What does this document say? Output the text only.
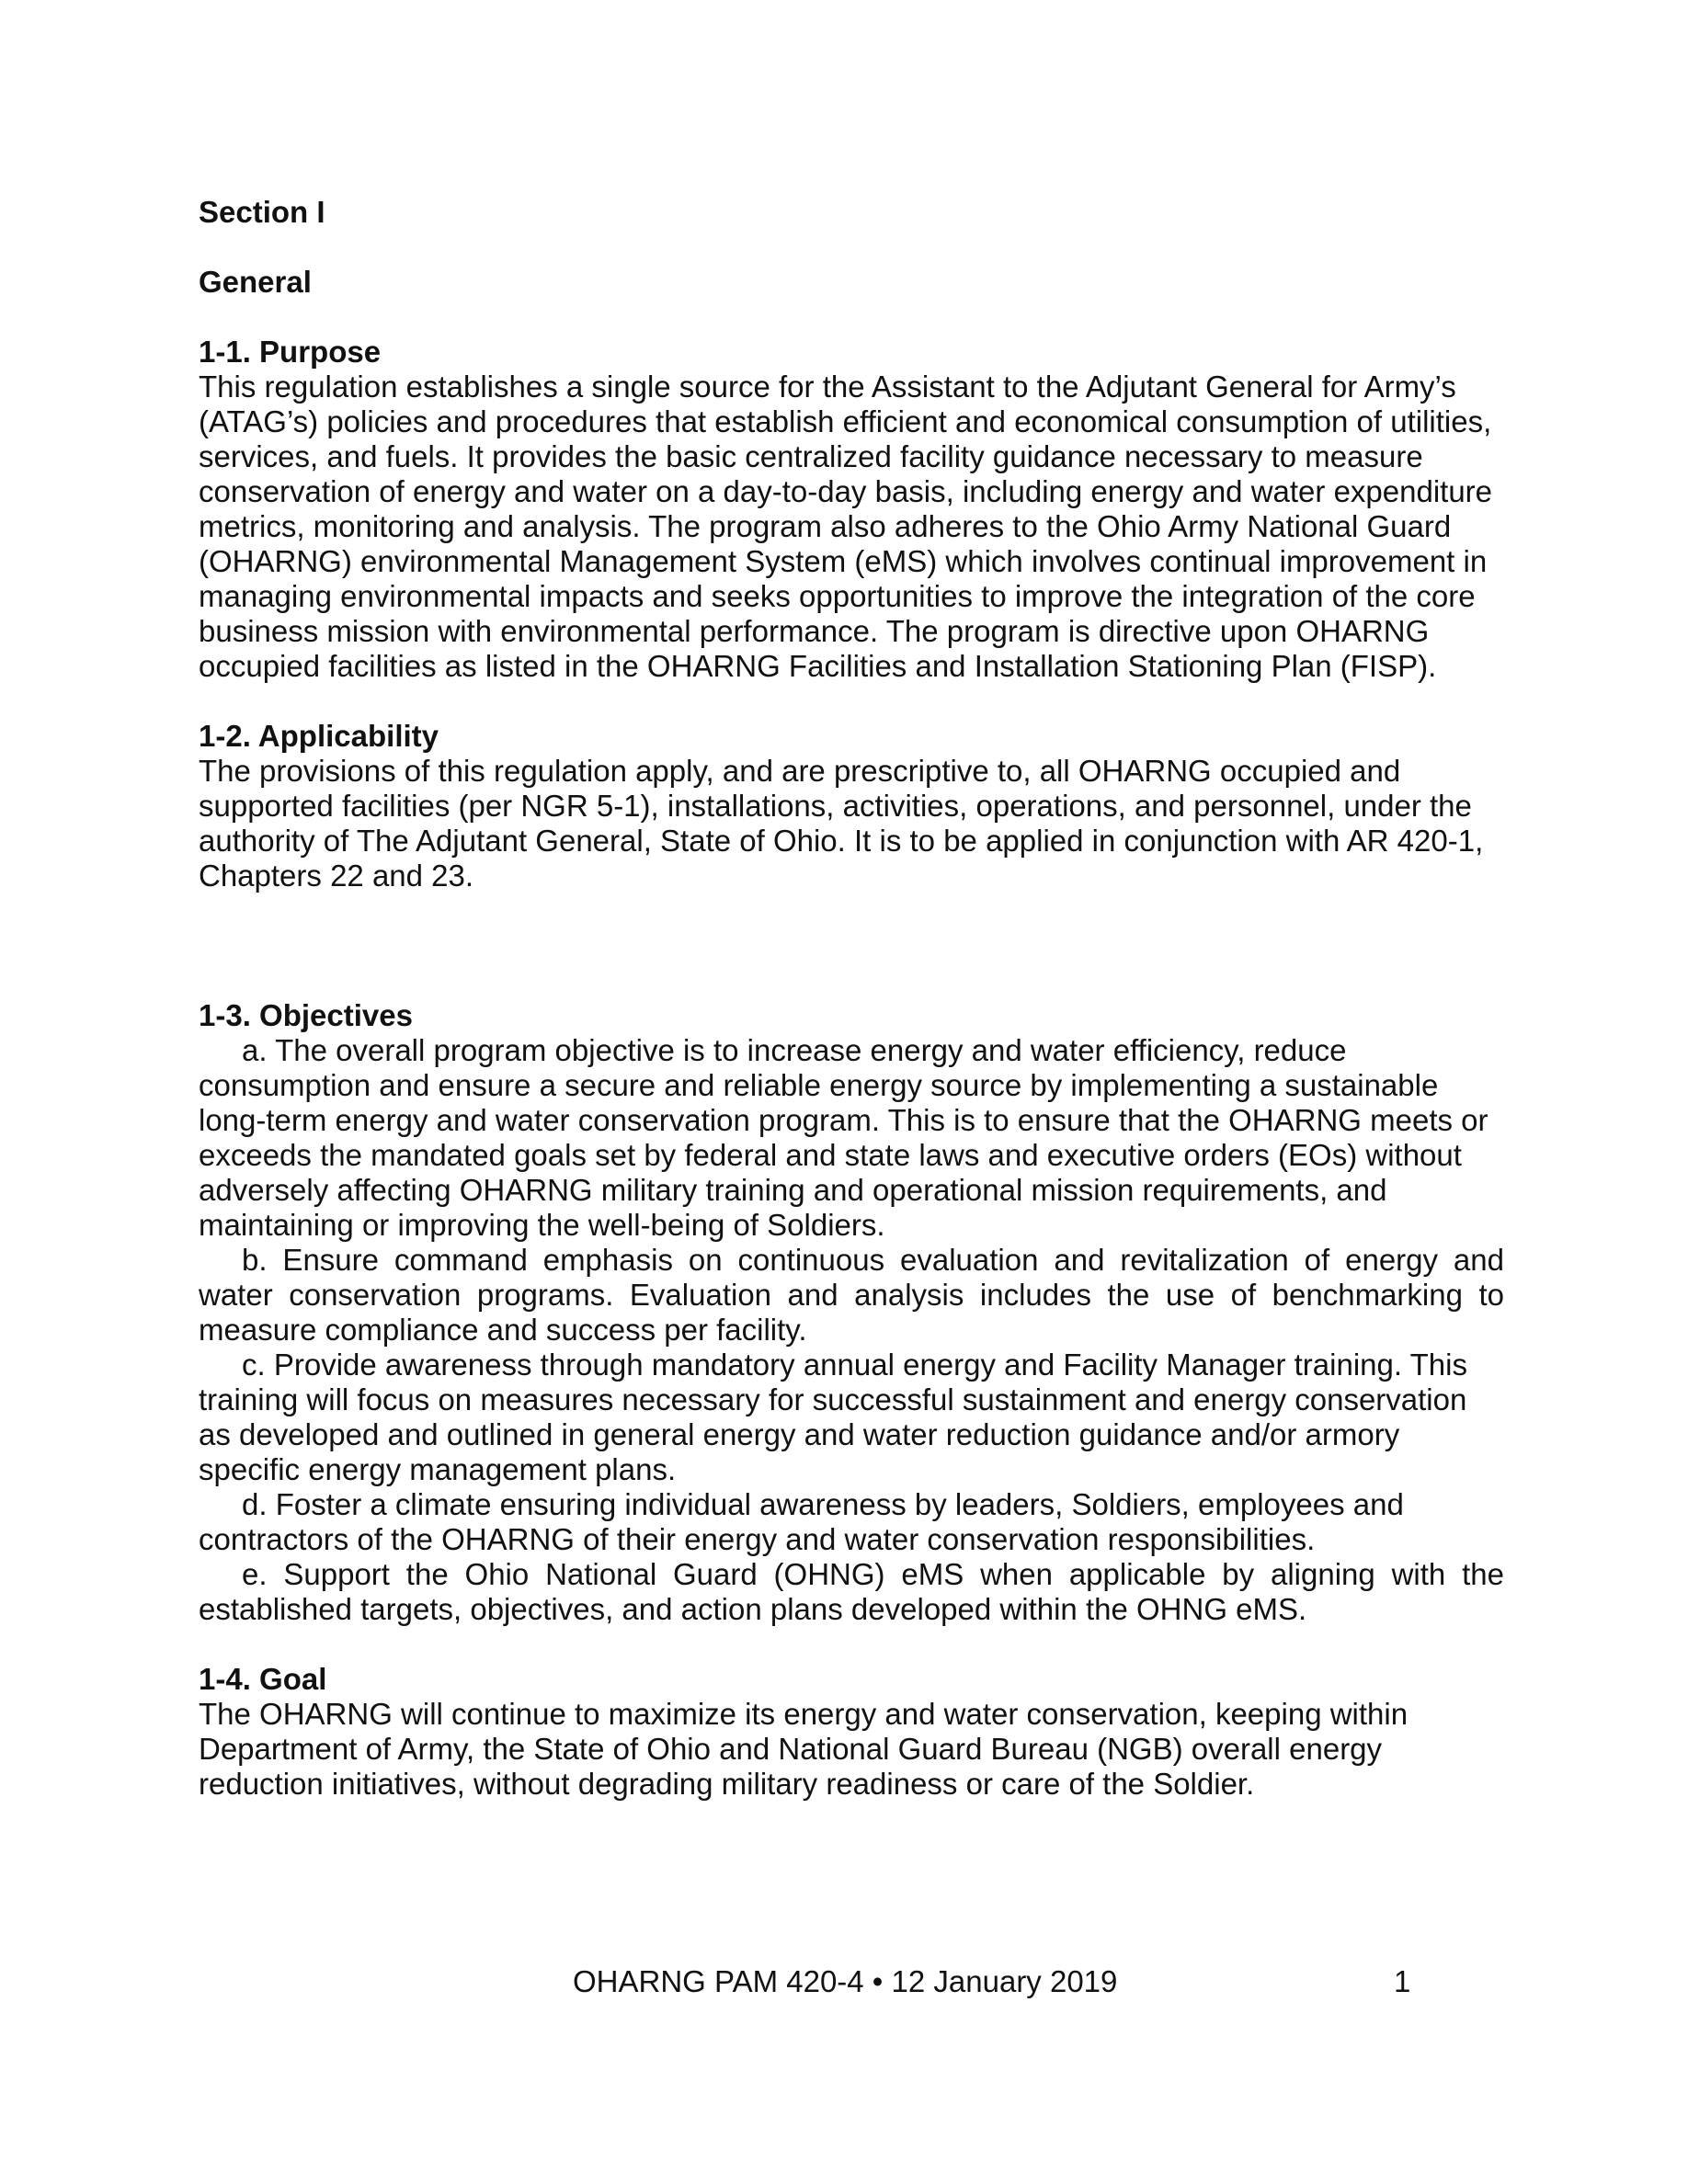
Section I

General

1-1. Purpose

This regulation establishes a single source for the Assistant to the Adjutant General for Army’s (ATAG’s) policies and procedures that establish efficient and economical consumption of utilities, services, and fuels. It provides the basic centralized facility guidance necessary to measure conservation of energy and water on a day-to-day basis, including energy and water expenditure metrics, monitoring and analysis. The program also adheres to the Ohio Army National Guard (OHARNG) environmental Management System (eMS) which involves continual improvement in managing environmental impacts and seeks opportunities to improve the integration of the core business mission with environmental performance. The program is directive upon OHARNG occupied facilities as listed in the OHARNG Facilities and Installation Stationing Plan (FISP).

1-2. Applicability

The provisions of this regulation apply, and are prescriptive to, all OHARNG occupied and supported facilities (per NGR 5-1), installations, activities, operations, and personnel, under the authority of The Adjutant General, State of Ohio. It is to be applied in conjunction with AR 420-1, Chapters 22 and 23.

1-3. Objectives

a. The overall program objective is to increase energy and water efficiency, reduce consumption and ensure a secure and reliable energy source by implementing a sustainable long-term energy and water conservation program. This is to ensure that the OHARNG meets or exceeds the mandated goals set by federal and state laws and executive orders (EOs) without adversely affecting OHARNG military training and operational mission requirements, and maintaining or improving the well-being of Soldiers.

b. Ensure command emphasis on continuous evaluation and revitalization of energy and water conservation programs. Evaluation and analysis includes the use of benchmarking to measure compliance and success per facility.

c. Provide awareness through mandatory annual energy and Facility Manager training. This training will focus on measures necessary for successful sustainment and energy conservation as developed and outlined in general energy and water reduction guidance and/or armory specific energy management plans.

d. Foster a climate ensuring individual awareness by leaders, Soldiers, employees and contractors of the OHARNG of their energy and water conservation responsibilities.

e. Support the Ohio National Guard (OHNG) eMS when applicable by aligning with the established targets, objectives, and action plans developed within the OHNG eMS.

1-4. Goal

The OHARNG will continue to maximize its energy and water conservation, keeping within Department of Army, the State of Ohio and National Guard Bureau (NGB) overall energy reduction initiatives, without degrading military readiness or care of the Soldier.

OHARNG PAM 420-4 • 12 January 2019	1
